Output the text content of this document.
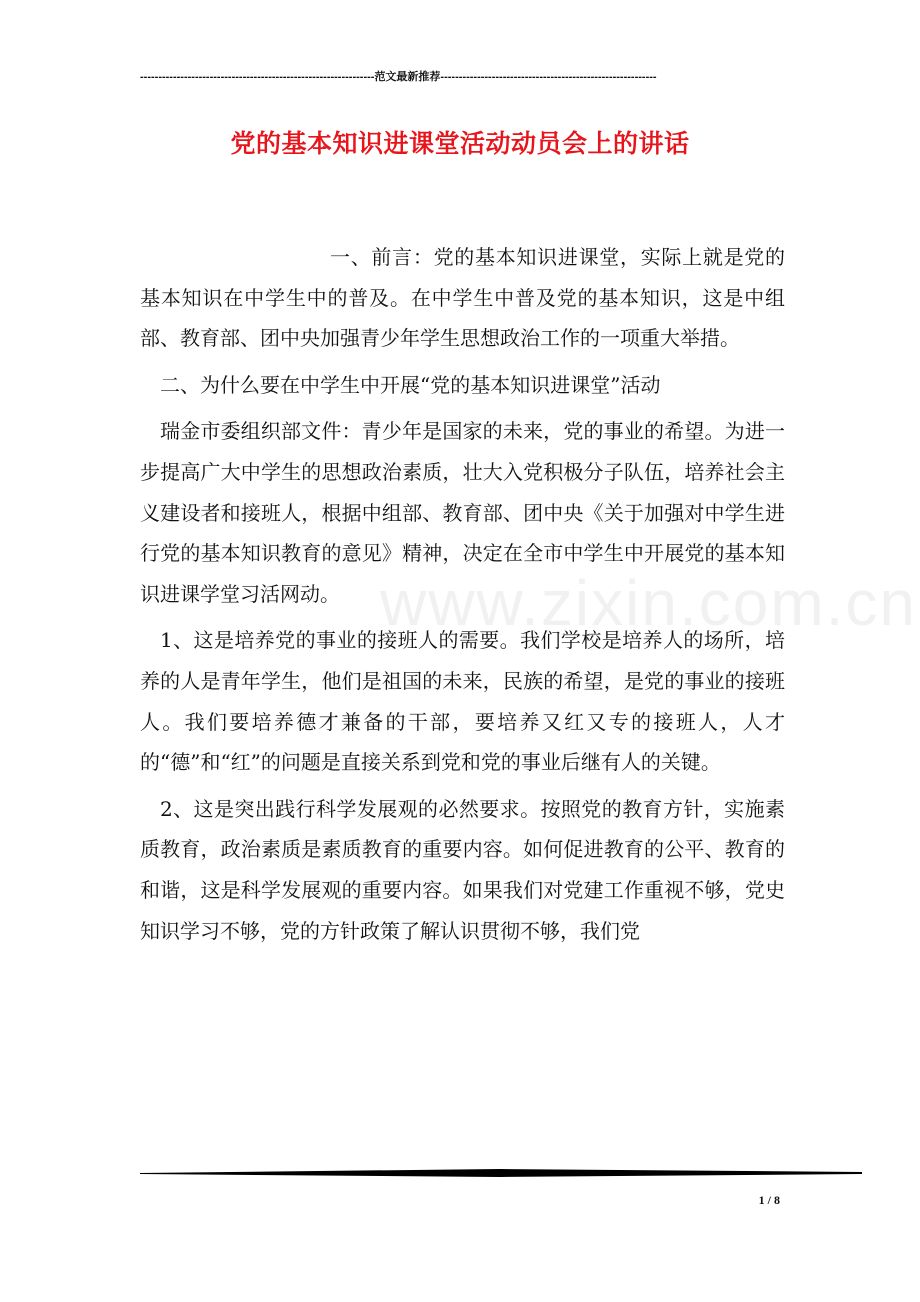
----------------------------------------------------------------范文最新推荐-----------------------------------------------------------
党的基本知识进课堂活动动员会上的讲话
www.zixin.com.cn

一、前言：党的基本知识进课堂，实际上就是党的基本知识在中学生中的普及。在中学生中普及党的基本知识，这是中组部、教育部、团中央加强青少年学生思想政治工作的一项重大举措。

二、为什么要在中学生中开展“党的基本知识进课堂”活动

瑞金市委组织部文件：青少年是国家的未来，党的事业的希望。为进一步提高广大中学生的思想政治素质，壮大入党积极分子队伍，培养社会主义建设者和接班人，根据中组部、教育部、团中央《关于加强对中学生进行党的基本知识教育的意见》精神，决定在全市中学生中开展党的基本知识进课学堂习活网动。

1、这是培养党的事业的接班人的需要。我们学校是培养人的场所，培养的人是青年学生，他们是祖国的未来，民族的希望，是党的事业的接班人。我们要培养德才兼备的干部，要培养又红又专的接班人，人才的“德”和“红”的问题是直接关系到党和党的事业后继有人的关键。

2、这是突出践行科学发展观的必然要求。按照党的教育方针，实施素质教育，政治素质是素质教育的重要内容。如何促进教育的公平、教育的和谐，这是科学发展观的重要内容。如果我们对党建工作重视不够，党史知识学习不够，党的方针政策了解认识贯彻不够，我们党

1 / 8
